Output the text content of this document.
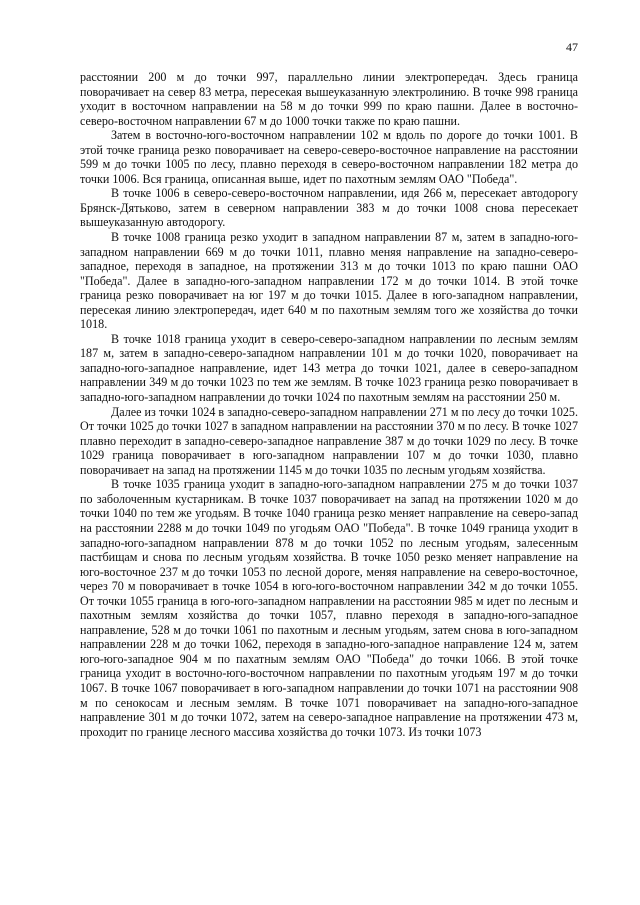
47

расстоянии 200 м до точки 997, параллельно линии электропередач. Здесь граница поворачивает на север 83 метра, пересекая вышеуказанную электролинию. В точке 998 граница уходит в восточном направлении на 58 м до точки 999 по краю пашни. Далее в восточно-северо-восточном направлении 67 м до 1000 точки также по краю пашни.

Затем в восточно-юго-восточном направлении 102 м вдоль по дороге до точки 1001. В этой точке граница резко поворачивает на северо-северо-восточное направление на расстоянии 599 м до точки 1005 по лесу, плавно переходя в северо-восточном направлении 182 метра до точки 1006. Вся граница, описанная выше, идет по пахотным землям ОАО "Победа".

В точке 1006 в северо-северо-восточном направлении, идя 266 м, пересекает автодорогу Брянск-Дятьково, затем в северном направлении 383 м до точки 1008 снова пересекает вышеуказанную автодорогу.

В точке 1008 граница резко уходит в западном направлении 87 м, затем в западно-юго-западном направлении 669 м до точки 1011, плавно меняя направление на западно-северо-западное, переходя в западное, на протяжении 313 м до точки 1013 по краю пашни ОАО "Победа". Далее в западно-юго-западном направлении 172 м до точки 1014. В этой точке граница резко поворачивает на юг 197 м до точки 1015. Далее в юго-западном направлении, пересекая линию электропередач, идет 640 м по пахотным землям того же хозяйства до точки 1018.

В точке 1018 граница уходит в северо-северо-западном направлении по лесным землям 187 м, затем в западно-северо-западном направлении 101 м до точки 1020, поворачивает на западно-юго-западное направление, идет 143 метра до точки 1021, далее в северо-западном направлении 349 м до точки 1023 по тем же землям. В точке 1023 граница резко поворачивает в западно-юго-западном направлении до точки 1024 по пахотным землям на расстоянии 250 м.

Далее из точки 1024 в западно-северо-западном направлении 271 м по лесу до точки 1025. От точки 1025 до точки 1027 в западном направлении на расстоянии 370 м по лесу. В точке 1027 плавно переходит в западно-северо-западное направление 387 м до точки 1029 по лесу. В точке 1029 граница поворачивает в юго-западном направлении 107 м до точки 1030, плавно поворачивает на запад на протяжении 1145 м до точки 1035 по лесным угодьям хозяйства.

В точке 1035 граница уходит в западно-юго-западном направлении 275 м до точки 1037 по заболоченным кустарникам. В точке 1037 поворачивает на запад на протяжении 1020 м до точки 1040 по тем же угодьям. В точке 1040 граница резко меняет направление на северо-запад на расстоянии 2288 м до точки 1049 по угодьям ОАО "Победа". В точке 1049 граница уходит в западно-юго-западном направлении 878 м до точки 1052 по лесным угодьям, залесенным пастбищам и снова по лесным угодьям хозяйства. В точке 1050 резко меняет направление на юго-восточное 237 м до точки 1053 по лесной дороге, меняя направление на северо-восточное, через 70 м поворачивает в точке 1054 в юго-юго-восточном направлении 342 м до точки 1055. От точки 1055 граница в юго-юго-западном направлении на расстоянии 985 м идет по лесным и пахотным землям хозяйства до точки 1057, плавно переходя в западно-юго-западное направление, 528 м до точки 1061 по пахотным и лесным угодьям, затем снова в юго-западном направлении 228 м до точки 1062, переходя в западно-юго-западное направление 124 м, затем юго-юго-западное 904 м по пахатным землям ОАО "Победа" до точки 1066. В этой точке граница уходит в восточно-юго-восточном направлении по пахотным угодьям 197 м до точки 1067. В точке 1067 поворачивает в юго-западном направлении до точки 1071 на расстоянии 908 м по сенокосам и лесным землям. В точке 1071 поворачивает на западно-юго-западное направление 301 м до точки 1072, затем на северо-западное направление на протяжении 473 м, проходит по границе лесного массива хозяйства до точки 1073. Из точки 1073
